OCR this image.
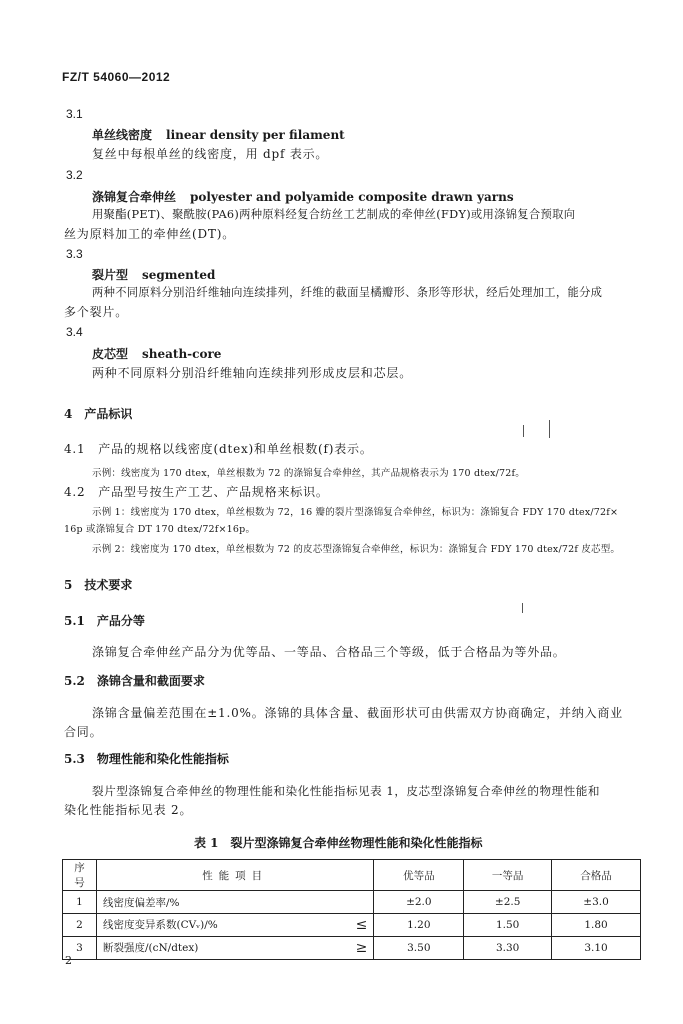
FZ/T 54060—2012
3.1
单丝线密度 linear density per filament
复丝中每根单丝的线密度，用 dpf 表示。
3.2
涤锦复合牵伸丝 polyester and polyamide composite drawn yarns
用聚酯(PET)、聚酰胺(PA6)两种原料经复合纺丝工艺制成的牵伸丝(FDY)或用涤锦复合预取向
丝为原料加工的牵伸丝(DT)。
3.3
裂片型 segmented
两种不同原料分别沿纤维轴向连续排列，纤维的截面呈橘瓣形、条形等形状，经后处理加工，能分成
多个裂片。
3.4
皮芯型 sheath-core
两种不同原料分别沿纤维轴向连续排列形成皮层和芯层。
4　产品标识
4.1　产品的规格以线密度(dtex)和单丝根数(f)表示。
示例：线密度为 170 dtex，单丝根数为 72 的涤锦复合牵伸丝，其产品规格表示为 170 dtex/72f。
4.2　产品型号按生产工艺、产品规格来标识。
示例 1：线密度为 170 dtex，单丝根数为 72，16 瓣的裂片型涤锦复合牵伸丝，标识为：涤锦复合 FDY 170 dtex/72f×
16p 或涤锦复合 DT 170 dtex/72f×16p。
示例 2：线密度为 170 dtex，单丝根数为 72 的皮芯型涤锦复合牵伸丝，标识为：涤锦复合 FDY 170 dtex/72f 皮芯型。
5　技术要求
5.1　产品分等
涤锦复合牵伸丝产品分为优等品、一等品、合格品三个等级，低于合格品为等外品。
5.2　涤锦含量和截面要求
涤锦含量偏差范围在±1.0%。涤锦的具体含量、截面形状可由供需双方协商确定，并纳入商业
合同。
5.3　物理性能和染化性能指标
裂片型涤锦复合牵伸丝的物理性能和染化性能指标见表 1，皮芯型涤锦复合牵伸丝的物理性能和
染化性能指标见表 2。
表 1　裂片型涤锦复合牵伸丝物理性能和染化性能指标
序号	性能项目	优等品	一等品	合格品
1	线密度偏差率/%	±2.0	±2.5	±3.0
2	线密度变异系数(CVᵥ)/% ≤	1.20	1.50	1.80
3	断裂强度/(cN/dtex) ≥	3.50	3.30	3.10
2
